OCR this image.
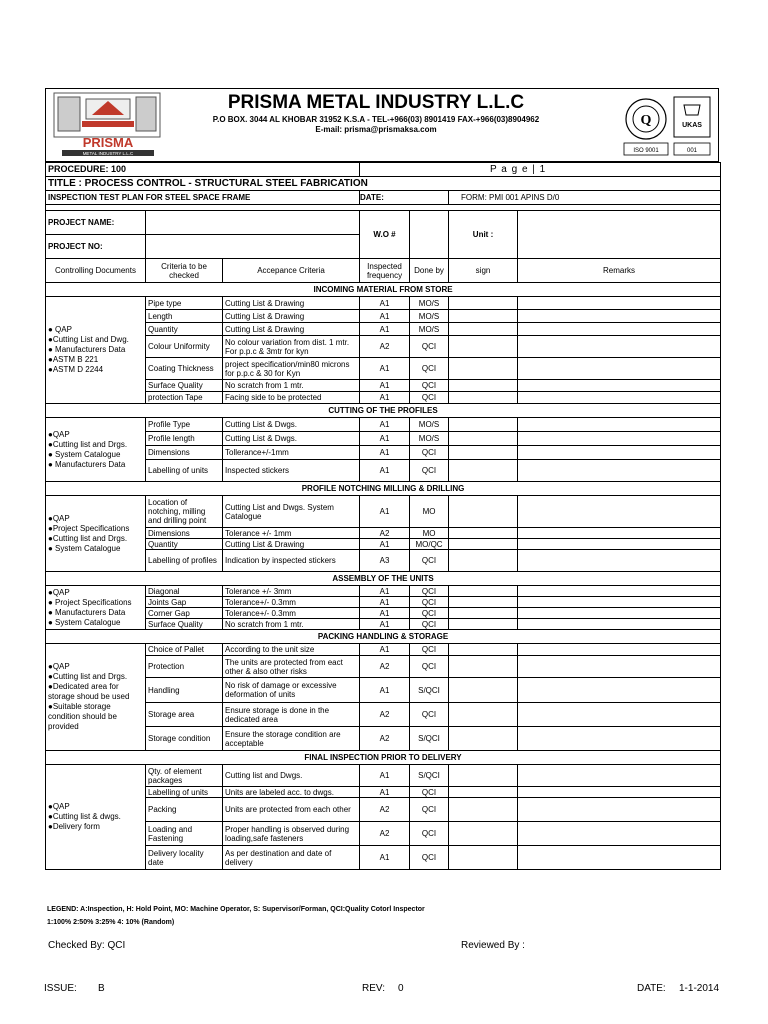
PRISMA
METAL INDUSTRY L.L.C
PRISMA METAL INDUSTRY L.L.C
P.O BOX. 3044 AL KHOBAR 31952 K.S.A - TEL-+966(03) 8901419 FAX-+966(03)8904962
E-mail: prisma@prismaksa.com
Q	UKAS
ISO 9001	001
PROCEDURE: 100			P a g e | 1			
TITLE : PROCESS CONTROL - STRUCTURAL STEEL FABRICATION						
INSPECTION TEST PLAN FOR STEEL SPACE FRAME			DATE:		FORM: PMI 001 APINS D/0	

PROJECT NAME:			W.O #		Unit :	
PROJECT NO:						
Controlling Documents	Criteria to be checked	Accepance Criteria	Inspected frequency	Done by	sign	Remarks
INCOMING MATERIAL FROM STORE						
● QAP
●Cutting List and Dwg.
● Manufacturers Data
●ASTM B 221
●ASTM D 2244	Pipe type	Cutting List & Drawing	A1	MO/S		
	Length	Cutting List & Drawing	A1	MO/S		
	Quantity	Cutting List & Drawing	A1	MO/S		
	Colour Uniformity	No colour variation from dist. 1 mtr. For p.p.c & 3mtr for kyn	A2	QCI		
	Coating Thickness	project specification/min80 microns for p.p.c & 30 for Kyn	A1	QCI		
	Surface Quality	No scratch from 1 mtr.	A1	QCI		
	protection Tape	Facing side to be protected	A1	QCI		
CUTTING OF THE PROFILES						
●QAP
●Cutting list and Drgs.
● System Catalogue
● Manufacturers Data	Profile Type	Cutting List & Dwgs.	A1	MO/S		
	Profile length	Cutting List & Dwgs.	A1	MO/S		
	Dimensions	Tollerance+/-1mm	A1	QCI		
	Labelling of units	Inspected stickers	A1	QCI		
PROFILE NOTCHING MILLING & DRILLING						
●QAP
●Project Specifications
●Cutting list and Drgs.
● System Catalogue	Location of notching, milling and drilling point	Cutting List and Dwgs. System Catalogue	A1	MO		
	Dimensions	Tolerance +/- 1mm	A2	MO		
	Quantity	Cutting List & Drawing	A1	MO/QC		
	Labelling of profiles	Indication by inspected stickers	A3	QCI		
ASSEMBLY OF THE UNITS						
●QAP
● Project Specifications
● Manufacturers Data
● System Catalogue	Diagonal	Tolerance +/- 3mm	A1	QCI		
	Joints Gap	Tolerance+/- 0.3mm	A1	QCI		
	Corner Gap	Tolerance+/- 0.3mm	A1	QCI		
	Surface Quality	No scratch from 1 mtr.	A1	QCI		
PACKING HANDLING & STORAGE						
●QAP
●Cutting list and Drgs.
●Dedicated area for storage shoud be used
●Suitable storage condition should be provided	Choice of Pallet	According to the unit size	A1	QCI		
	Protection	The units are protected from eact other & also other risks	A2	QCI		
	Handling	No risk of damage or excessive deformation of units	A1	S/QCI		
	Storage area	Ensure storage is done in the dedicated area	A2	QCI		
	Storage condition	Ensure the storage condition are acceptable	A2	S/QCI		
FINAL INSPECTION PRIOR TO DELIVERY						
●QAP
●Cutting list & dwgs.
●Delivery form	Qty. of element packages	Cutting list and Dwgs.	A1	S/QCI		
	Labelling of units	Units are labeled acc. to dwgs.	A1	QCI		
	Packing	Units are protected from each other	A2	QCI		
	Loading and Fastening	Proper handling is observed during loading,safe fasteners	A2	QCI		
	Delivery locality date	As per destination and date of delivery	A1	QCI		
LEGEND: A:Inspection, H: Hold Point, MO: Machine Operator, S: Supervisor/Forman, QCI:Quality Cotorl Inspector
1:100% 2:50% 3:25% 4: 10% (Random)
Checked By: QCI	Reviewed By :
ISSUE: B	REV: 0	DATE: 1-1-2014
